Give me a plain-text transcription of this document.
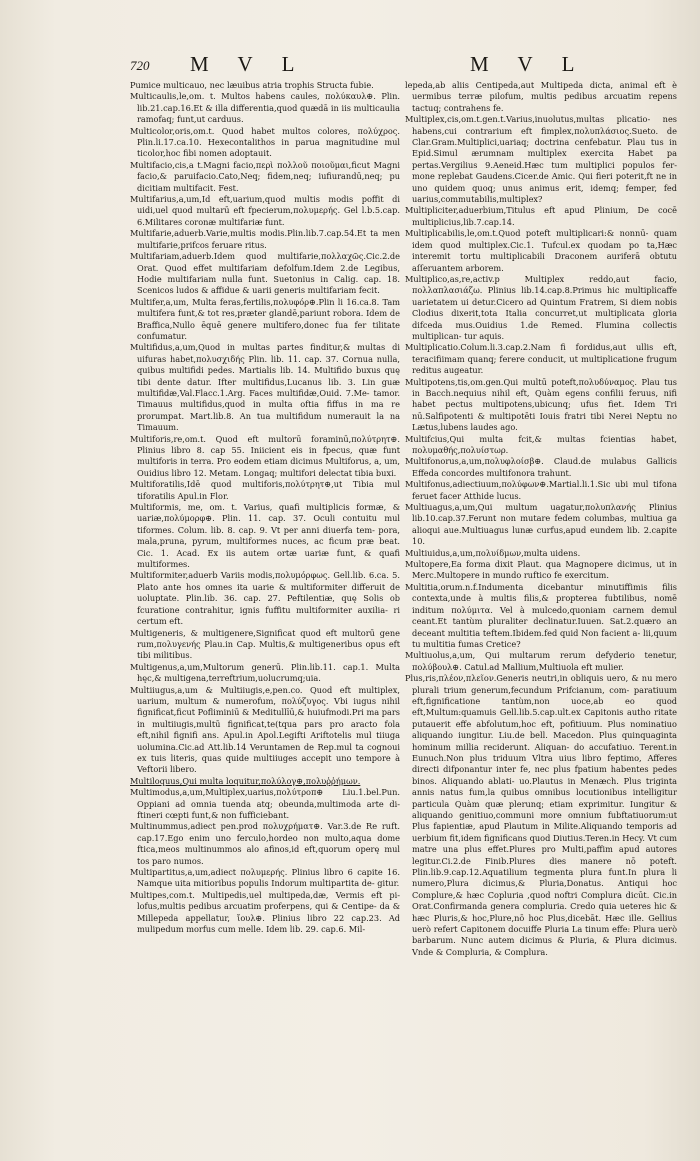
720 M V L	M V L

Pumice multicauo, nec læuibus atria trophis Structa fubie.

Multicaulis,le,om. t. Multos habens caules, πολύκαυλ⊕. Plin. lib.21.cap.16.Et & illa differentia,quod quædā in iis multicaulia ramofaq; funt,ut carduus.

Multicolor,oris,om.t. Quod habet multos colores, πολύχρος. Plin.li.17.ca.10. Hexecontalithos in parua magnitudine mul ticolor,hoc fibi nomen adoptauit.

Multifacio,cis,a t.Magni facio,περὶ πολλοῦ ποιοῦμαι,ficut Magni facio,& paruifacio.Cato,Neq; fidem,neq; iufiurandū,neq; pu dicitiam multifacit. Fest.

Multifarius,a,um,Id eft,uarium,quod multis modis poffit di uidi,uel quod multarū eft fpecierum,πολυμερής. Gel l.b.5.cap. 6.Militares coronæ multifariæ funt.

Multifarie,aduerb.Varie,multis modis.Plin.lib.7.cap.54.Et ta men multifarie,prifcos feruare ritus.

Multifariam,aduerb.Idem quod multifarie,πολλαχῶς.Cic.2.de Orat. Quod effet multifariam defolfum.Idem 2.de Legibus, Hodie multifariam nulla funt. Suetonius in Calig. cap. 18. Scenicos ludos & affidue & uarii generis multifariam fecit.

Multifer,a,um, Multa feras,fertilis,πολυφόρ⊕.Plin li 16.ca.8. Tam multifera funt,& tot res,præter glandē,pariunt robora. Idem de Braffica,Nullo ēquē genere multifero,donec fua fer tilitate confumatur.

Multifidus,a,um,Quod in multas partes finditur,& multas di uifuras habet,πολυσχιδής Plin. lib. 11. cap. 37. Cornua nulla, quibus multifidi pedes. Martialis lib. 14. Multifido buxus quę tibi dente datur. Ifter multifidus,Lucanus lib. 3. Lin guæ multifidæ,Val.Flacc.1.Arg. Faces multifidæ,Ouid. 7.Me- tamor. Timauus multifidus,quod in multa oftia fiffus in ma re prorumpat. Mart.lib.8. An tua multifidum numerauit la na Timauum.

Multiforis,re,om.t. Quod eft multorū foraminū,πολύτρητ⊕. Plinius libro 8. cap 55. Iniicient eis in fpecus, quæ funt multiforis in terra. Pro eodem etiam dicimus Multiforus, a, um, Ouidius libro 12. Metam. Longaq; multifori delectat tibia buxi.

Multiforatilis,Idē quod multiforis,πολύτρητ⊕,ut Tibia mul tiforatilis Apul.in Flor.

Multiformis, me, om. t. Varius, quafi multiplicis formæ, & uariæ,πολύμορφ⊕. Plin. 11. cap. 37. Oculi contuitu mul tiformes. Colum. lib. 8. cap. 9. Vt per anni diuerfa tem- pora, mala,pruna, pyrum, multiformes nuces, ac ficum præ beat. Cic. 1. Acad. Ex iis autem ortæ uariæ funt, & quafi multiformes.

Multiformiter,aduerb Variis modis,πολυμόρφως. Gell.lib. 6.ca. 5. Plato ante hos omnes ita uarie & multiformiter differuit de uoluptate. Plin.lib. 36. cap. 27. Peftilentiæ, quę Solis ob fcuratione contrahitur, ignis fuffitu multiformiter auxilia- ri certum eft.

Multigeneris, & multigenere,Significat quod eft multorū gene rum,πολυγενής Plau.in Cap. Multis,& multigeneribus opus eft tibi militibus.

Multigenus,a,um,Multorum generū. Plin.lib.11. cap.1. Multa hęc,& multigena,terreftrium,uolucrumq;uia.

Multiiugus,a,um & Multiiugis,e,pen.co. Quod eft multiplex, uarium, multum & numerofum, πολύζυγος. Vbi iugus nihil fignificat,ficut Pofliminiū & Meditullīū,& huiufmodi.Pri ma pars in multiiugis,multū fignificat,te(tqua pars pro aracto fola eft,nihil fignifi ans. Apul.in Apol.Legifti Ariftotelis mul tiiuga uolumina.Cic.ad Att.lib.14 Veruntamen de Rep.mul ta cognoui ex tuis literis, quas quide multiiuges accepit uno tempore à Veftorii libero.

Multiloquus,Qui multa loquitur,πολύλογ⊕,πολυῤῥήμων.

Multimodus,a,um,Multiplex,uarius,πολύτροπ⊕ Liu.1.bel.Pun. Oppiani ad omnia tuenda atq; obeunda,multimoda arte di- ftineri cœpti funt,& non fufficiebant.

Multinummus,adiect pen.prod πολυχρήματ⊕. Var.3.de Re ruft. cap.17.Ego enim uno ferculo,hordeo non multo,aqua dome ftica,meos multinummos alo afinos,id eft,quorum operę mul tos paro numos.

Multipartitus,a,um,adiect πολυμερής. Plinius libro 6 capite 16. Namque uita mitioribus populis Indorum multipartita de- gitur.

Multipes,com.t. Multipedis,uel multipeda,dæ, Vermis eft pi- lofus,multis pedibus arcuatim proferpens, qui & Centipe- da & Millepeda appellatur, ἴουλ⊕. Plinius libro 22 cap.23. Ad mulipedum morfus cum melle. Idem lib. 29. cap.6. Mil-

lepeda,ab aliis Centipeda,aut Multipeda dicta, animal eft è uermibus terræ pilofum, multis pedibus arcuatim repens tactuq; contrahens fe.

Multiplex,cis,om.t.gen.t.Varius,inuolutus,multas plicatio- nes habens,cui contrarium eft fimplex,πολυπλάσιος.Sueto. de Clar.Gram.Multiplici,uariaq; doctrina cenfebatur. Plau tus in Epid.Simul ærumnam multiplex exercita Habet pa pertas.Vergilius 9.Aeneid.Hæc tum multiplici populos fer- mone replebat Gaudens.Cicer.de Amic. Qui fieri poterit,ft ne in uno quidem quoq; unus animus erit, idemq; femper, fed uarius,commutabilis,multiplex?

Multipliciter,aduerbium,Titulus eft apud Plinium, De cocē multiplicius,lib.7.cap.14.

Multiplicabilis,le,om.t.Quod poteft multiplicari:& nonnū- quam idem quod multiplex.Cic.1. Tufcul.ex quodam po ta,Hæc interemit tortu multiplicabili Draconem auriferā obtutu aſſeruantem arborem.

Multiplico,as,re,activ.p Multiplex reddo,aut facio, πολλαπλασιάζω. Plinius lib.14.cap.8.Primus hic multiplicaffe uarietatem ui detur.Cicero ad Quintum Fratrem, Si diem nobis Clodius dixerit,tota Italia concurret,ut multiplicata gloria difceda mus.Ouidius 1.de Remed. Flumina collectis multiplican- tur aquis.

Multiplicatio.Colum.li.3.cap.2.Nam fi fordidus,aut ullis eft, teracifiimam quanq; ferere conducit, ut multiplicatione frugum reditus augeatur.

Multipotens,tis,om.gen.Qui multū poteft,πολυδύναμος. Plau tus in Bacch.nequius nihil eft, Quàm egens confilii feruus, nifi habet pectus multipotens,ubicunq; ufus fiet. Idem Tri nū.Salfipotenti & multipotēti Iouis fratri tibi Nerei Neptu no Lætus,lubens laudes ago.

Multifcius,Qui multa fcit,& multas fcientias habet, πολυμαθής,πολυίστωρ.

Multifonorus,a,um,πολυφλοίσβ⊕. Claud.de mulabus Gallicis Effeda concordes multifonora trahunt.

Multifonus,adiectiuum,πολύφων⊕.Martial.li.1.Sic ubi mul tifona feruet facer Atthide lucus.

Multiuagus,a,um,Qui multum uagatur,πολυπλανής Plinius lib.10.cap.37.Ferunt non mutare fedem columbas, multiua ga alioqui aue.Multiuagus lunæ curfus,apud eundem lib. 2.capite 10.

Multiuidus,a,um,πολυίδμων,multa uidens.

Multopere,Ea forma dixit Plaut. qua Magnopere dicimus, ut in Merc.Multopere in mundo ruftico fe exercitum.

Multitia,orum.n.f.Indumenta dicebantur minutiffimis filis contexta,unde à multis filis,& propterea fubtilibus, nomē inditum πολύμιτα. Vel à mulcedo,quoniam carnem demul ceant.Et tantùm pluraliter declinatur.Iuuen. Sat.2.quæro an deceant multitia teftem.Ibidem.fed quid Non facient a- lii,quum tu multitia fumas Cretice?

Multiuolus,a,um, Qui multarum rerum defyderio tenetur, πολύβουλ⊕. Catul.ad Mallium,Multiuola eft mulier.

Plus,ris,πλέον,πλεῖον.Generis neutri,in obliquis uero, & nu mero plurali trium generum,fecundum Prifcianum, com- paratiuum eft,fignificatione tantùm,non uoce,ab eo quod eft,Multum:quamuis Gell.lib.5.cap.ult.ex Capitonis autho ritate putauerit effe abfolutum,hoc eft, pofitiuum. Plus nominatiuo aliquando iungitur. Liu.de bell. Macedon. Plus quinquaginta hominum millia reciderunt. Aliquan- do accufatiuo. Terent.in Eunuch.Non plus triduum Vltra uius libro feptimo, Afferes directi difponantur inter fe, nec plus fpatium habentes pedes binos. Aliquando ablati- uo.Plautus in Menæch. Plus triginta annis natus fum,la quibus omnibus locutionibus intelligitur particula Quàm quæ plerunq; etiam exprimitur. Iungitur & aliquando genitiuo,communi more omnium fubftatiuorum:ut Plus fapientiæ, apud Plautum in Milite.Aliquando temporis ad uerbium fit,idem fignificans quod Diutius.Teren.in Hecy. Vt cum matre una plus effet.Plures pro Multi,paffim apud autores legitur.Ci.2.de Finib.Plures dies manere nō poteft. Plin.lib.9.cap.12.Aquatilium tegmenta plura funt.In plura li numero,Plura dicimus,& Pluria,Donatus. Antiqui hoc Complure,& hæc Copluria ,quod noftri Complura dicūt. Cic.in Orat.Confirmanda genera compluria. Credo quia ueteres hic & hæc Pluris,& hoc,Plure,nō hoc Plus,dicebāt. Hæc ille. Gellius uerò refert Capitonem docuiffe Pluria La tinum effe: Plura uerò barbarum. Nunc autem dicimus & Pluria, & Plura dicimus. Vnde & Compluria, & Complura.
